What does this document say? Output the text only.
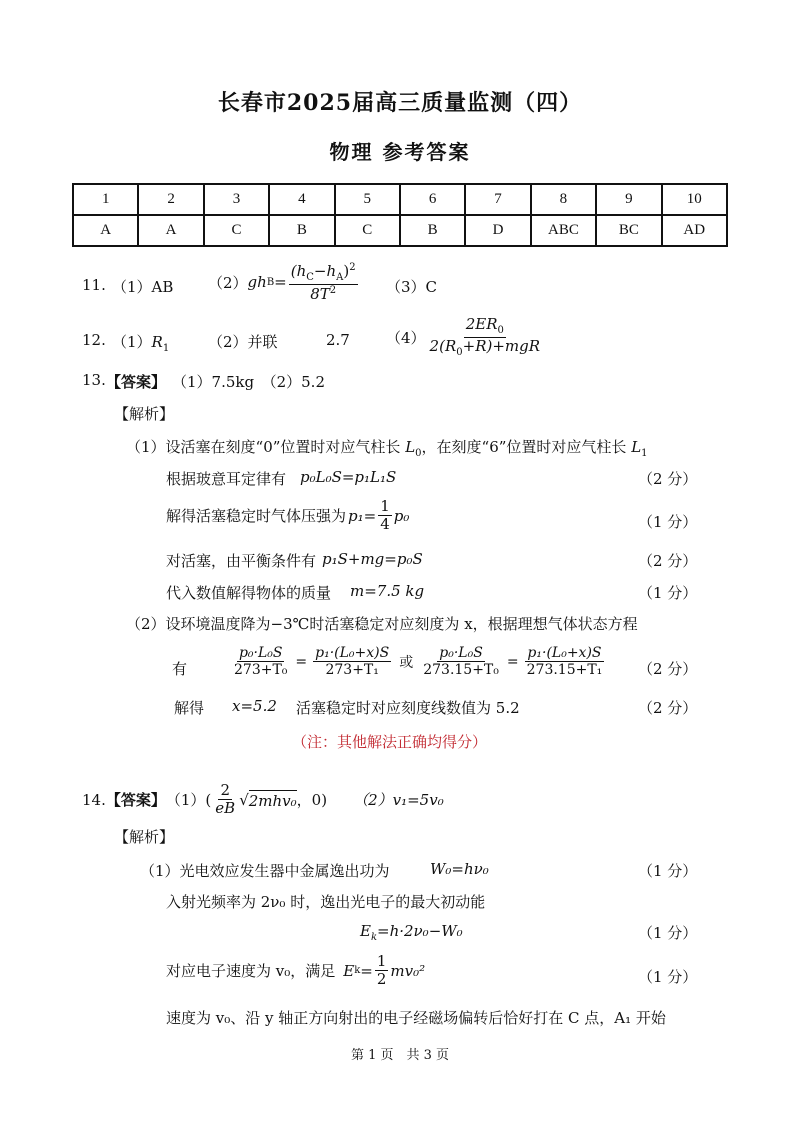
长春市2025届高三质量监测（四）
物理 参考答案
1	2	3	4	5	6	7	8	9	10
A	A	C	B	C	B	D	ABC	BC	AD
11. （1）AB （2） gh $B = \frac{(h_C-h_A)^2}{8T^2} (3)C$
12. $(1)R_1$	（2）并联	2.7 $(4) \frac{2ER_0}{2(R_0+R)+mgR}$
13. 【答案】 （1）7.5kg　（2）5.2
【解析】
（1）设活塞在刻度“0”位置时对应气柱长 $L_0$，在刻度“6”位置时对应气柱长 $L_1$
根据玻意耳定律有 p₀L₀S=p₁L₁S	（2 分）
解得活塞稳定时气体压强为 $p_1= \frac{1}{4} p_0$	（1 分）
对活塞，由平衡条件有 p₁S+mg=p₀S	（2 分）
代入数值解得物体的质量 m=7.5 kg	（1 分）
（2）设环境温度降为−3℃时活塞稳定对应刻度为 x，根据理想气体状态方程
有	$\frac{\text{p₀·L₀S}}{\text{273+T₀}} = \frac{\text{p₁·(L₀+x)S}}{\text{273+T₁}}$ 或 $\frac{\text{p₀·L₀S}}{\text{273.15+T₀}} = \frac{\text{p₁·(L₀+x)S}}{\text{273.15+T₁}} (2$ 分）
解得 x=5.2 活塞稳定时对应刻度线数值为 5.2	（2 分）
（注：其他解法正确均得分）
14. 【答案】 $(1)( \frac{2}{eB}$ √ 2mhv₀ ，0) （2）v₁=5v₀
【解析】
（1）光电效应发生器中金属逸出功为	W₀=hν₀	（1 分）
入射光频率为 2ν₀ 时，逸出光电子的最大初动能
$E_k=h\cdot 2\nu_0-W_0$	（1 分）
对应电子速度为 v₀，满足 E $k = \frac{1}{2} mv_0^2$	（1 分）
速度为 v₀、沿 y 轴正方向射出的电子经磁场偏转后恰好打在 C 点，A₁ 开始
第 1 页　共 3 页
